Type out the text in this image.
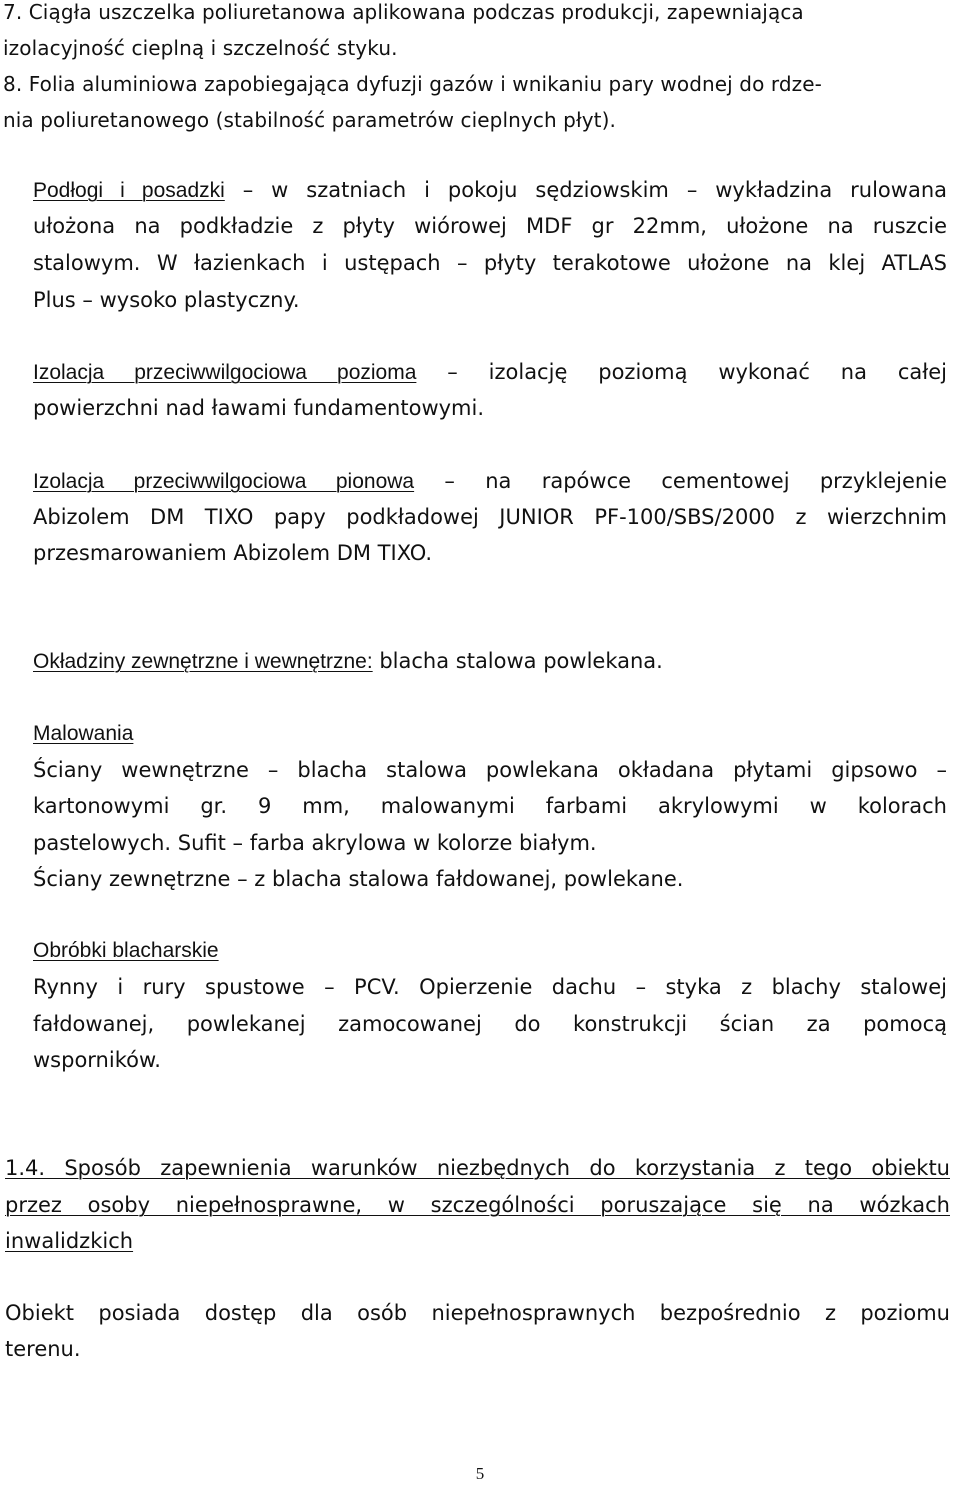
7. Ciągła uszczelka poliuretanowa aplikowana podczas produkcji, zapewniająca
izolacyjność cieplną i szczelność styku.
8. Folia aluminiowa zapobiegająca dyfuzji gazów i wnikaniu pary wodnej do rdze-
nia poliuretanowego (stabilność parametrów cieplnych płyt).
Podłogi i posadzki – w szatniach i pokoju sędziowskim – wykładzina rulowana
ułożona na podkładzie z płyty wiórowej MDF gr 22mm, ułożone na ruszcie
stalowym. W łazienkach i ustępach – płyty terakotowe ułożone na klej ATLAS
Plus – wysoko plastyczny.
Izolacja przeciwwilgociowa pozioma – izolację poziomą wykonać na całej
powierzchni nad ławami fundamentowymi.
Izolacja przeciwwilgociowa pionowa – na rapówce cementowej przyklejenie
Abizolem DM TIXO papy podkładowej JUNIOR PF-100/SBS/2000 z wierzchnim
przesmarowaniem Abizolem DM TIXO.
Okładziny zewnętrzne i wewnętrzne: blacha stalowa powlekana.
Malowania
Ściany wewnętrzne – blacha stalowa powlekana okładana płytami gipsowo –
kartonowymi gr. 9 mm, malowanymi farbami akrylowymi w kolorach
pastelowych. Sufit – farba akrylowa w kolorze białym.
Ściany zewnętrzne – z blacha stalowa fałdowanej, powlekane.
Obróbki blacharskie
Rynny i rury spustowe – PCV. Opierzenie dachu – styka z blachy stalowej
fałdowanej, powlekanej zamocowanej do konstrukcji ścian za pomocą
wsporników.
1.4. Sposób zapewnienia warunków niezbędnych do korzystania z tego obiektu
przez osoby niepełnosprawne, w szczególności poruszające się na wózkach
inwalidzkich
Obiekt posiada dostęp dla osób niepełnosprawnych bezpośrednio z poziomu
terenu.
5
